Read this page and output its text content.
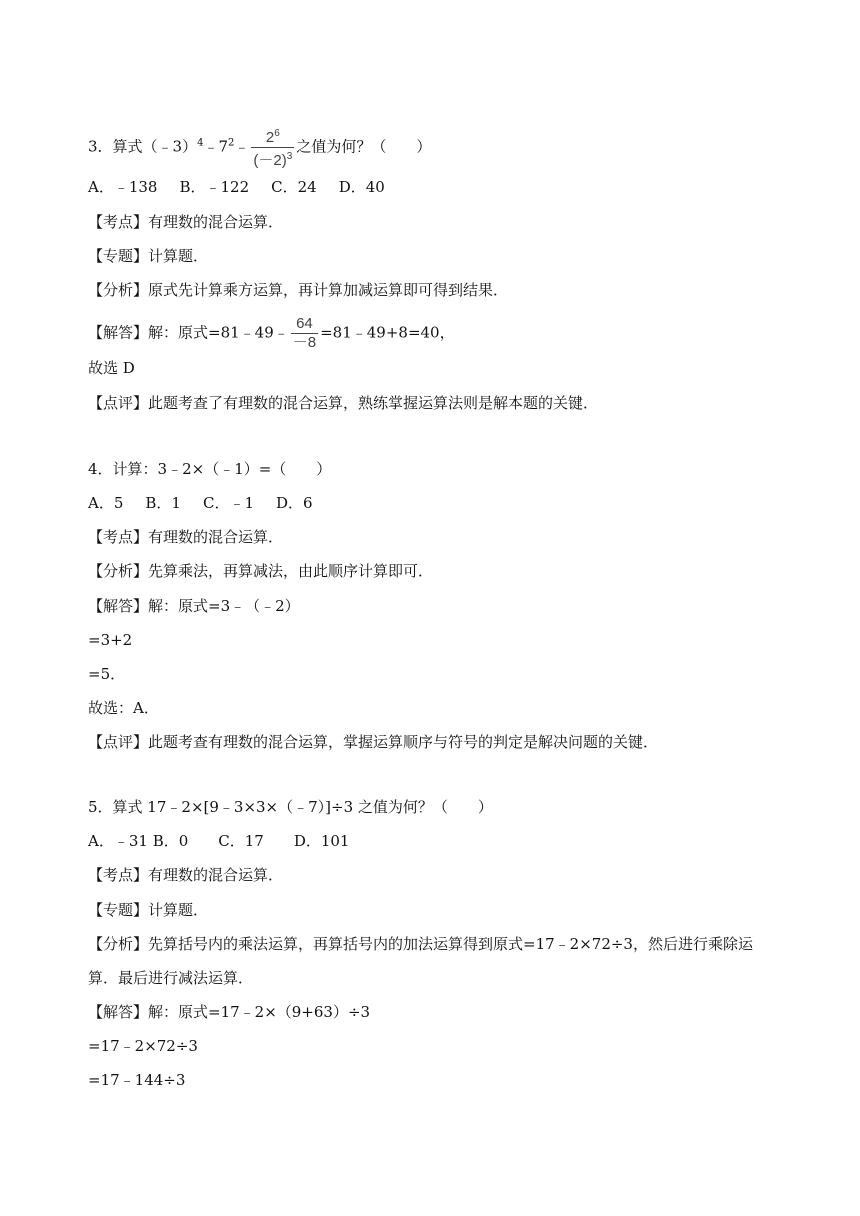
3．算式$(﹣3)^4﹣7^2﹣ \frac{2^6}{(-2)^3}$ 之值为何？（　　）
A．﹣138 B．﹣122 C．24 D．40
【考点】有理数的混合运算．
【专题】计算题．
【分析】原式先计算乘方运算，再计算加减运算即可得到结果．
【解答】解：原式=81﹣49﹣ $\frac{64}{-8}$ =81﹣49+8=40，
故选 D
【点评】此题考查了有理数的混合运算，熟练掌握运算法则是解本题的关键．
4．计算：3﹣2×（﹣1）=（　　）
A．5 B．1 C．﹣1 D．6
【考点】有理数的混合运算．
【分析】先算乘法，再算减法，由此顺序计算即可．
【解答】解：原式=3﹣（﹣2）
=3+2
=5．
故选：A．
【点评】此题考查有理数的混合运算，掌握运算顺序与符号的判定是解决问题的关键．
5．算式 17﹣2×[9﹣3×3×（﹣7）]÷3 之值为何？（　　）
A．﹣31 B．0　　C．17　　D．101
【考点】有理数的混合运算．
【专题】计算题．
【分析】先算括号内的乘法运算，再算括号内的加法运算得到原式=17﹣2×72÷3，然后进行乘除运
算．最后进行减法运算．
【解答】解：原式=17﹣2×（9+63）÷3
=17﹣2×72÷3
=17﹣144÷3
